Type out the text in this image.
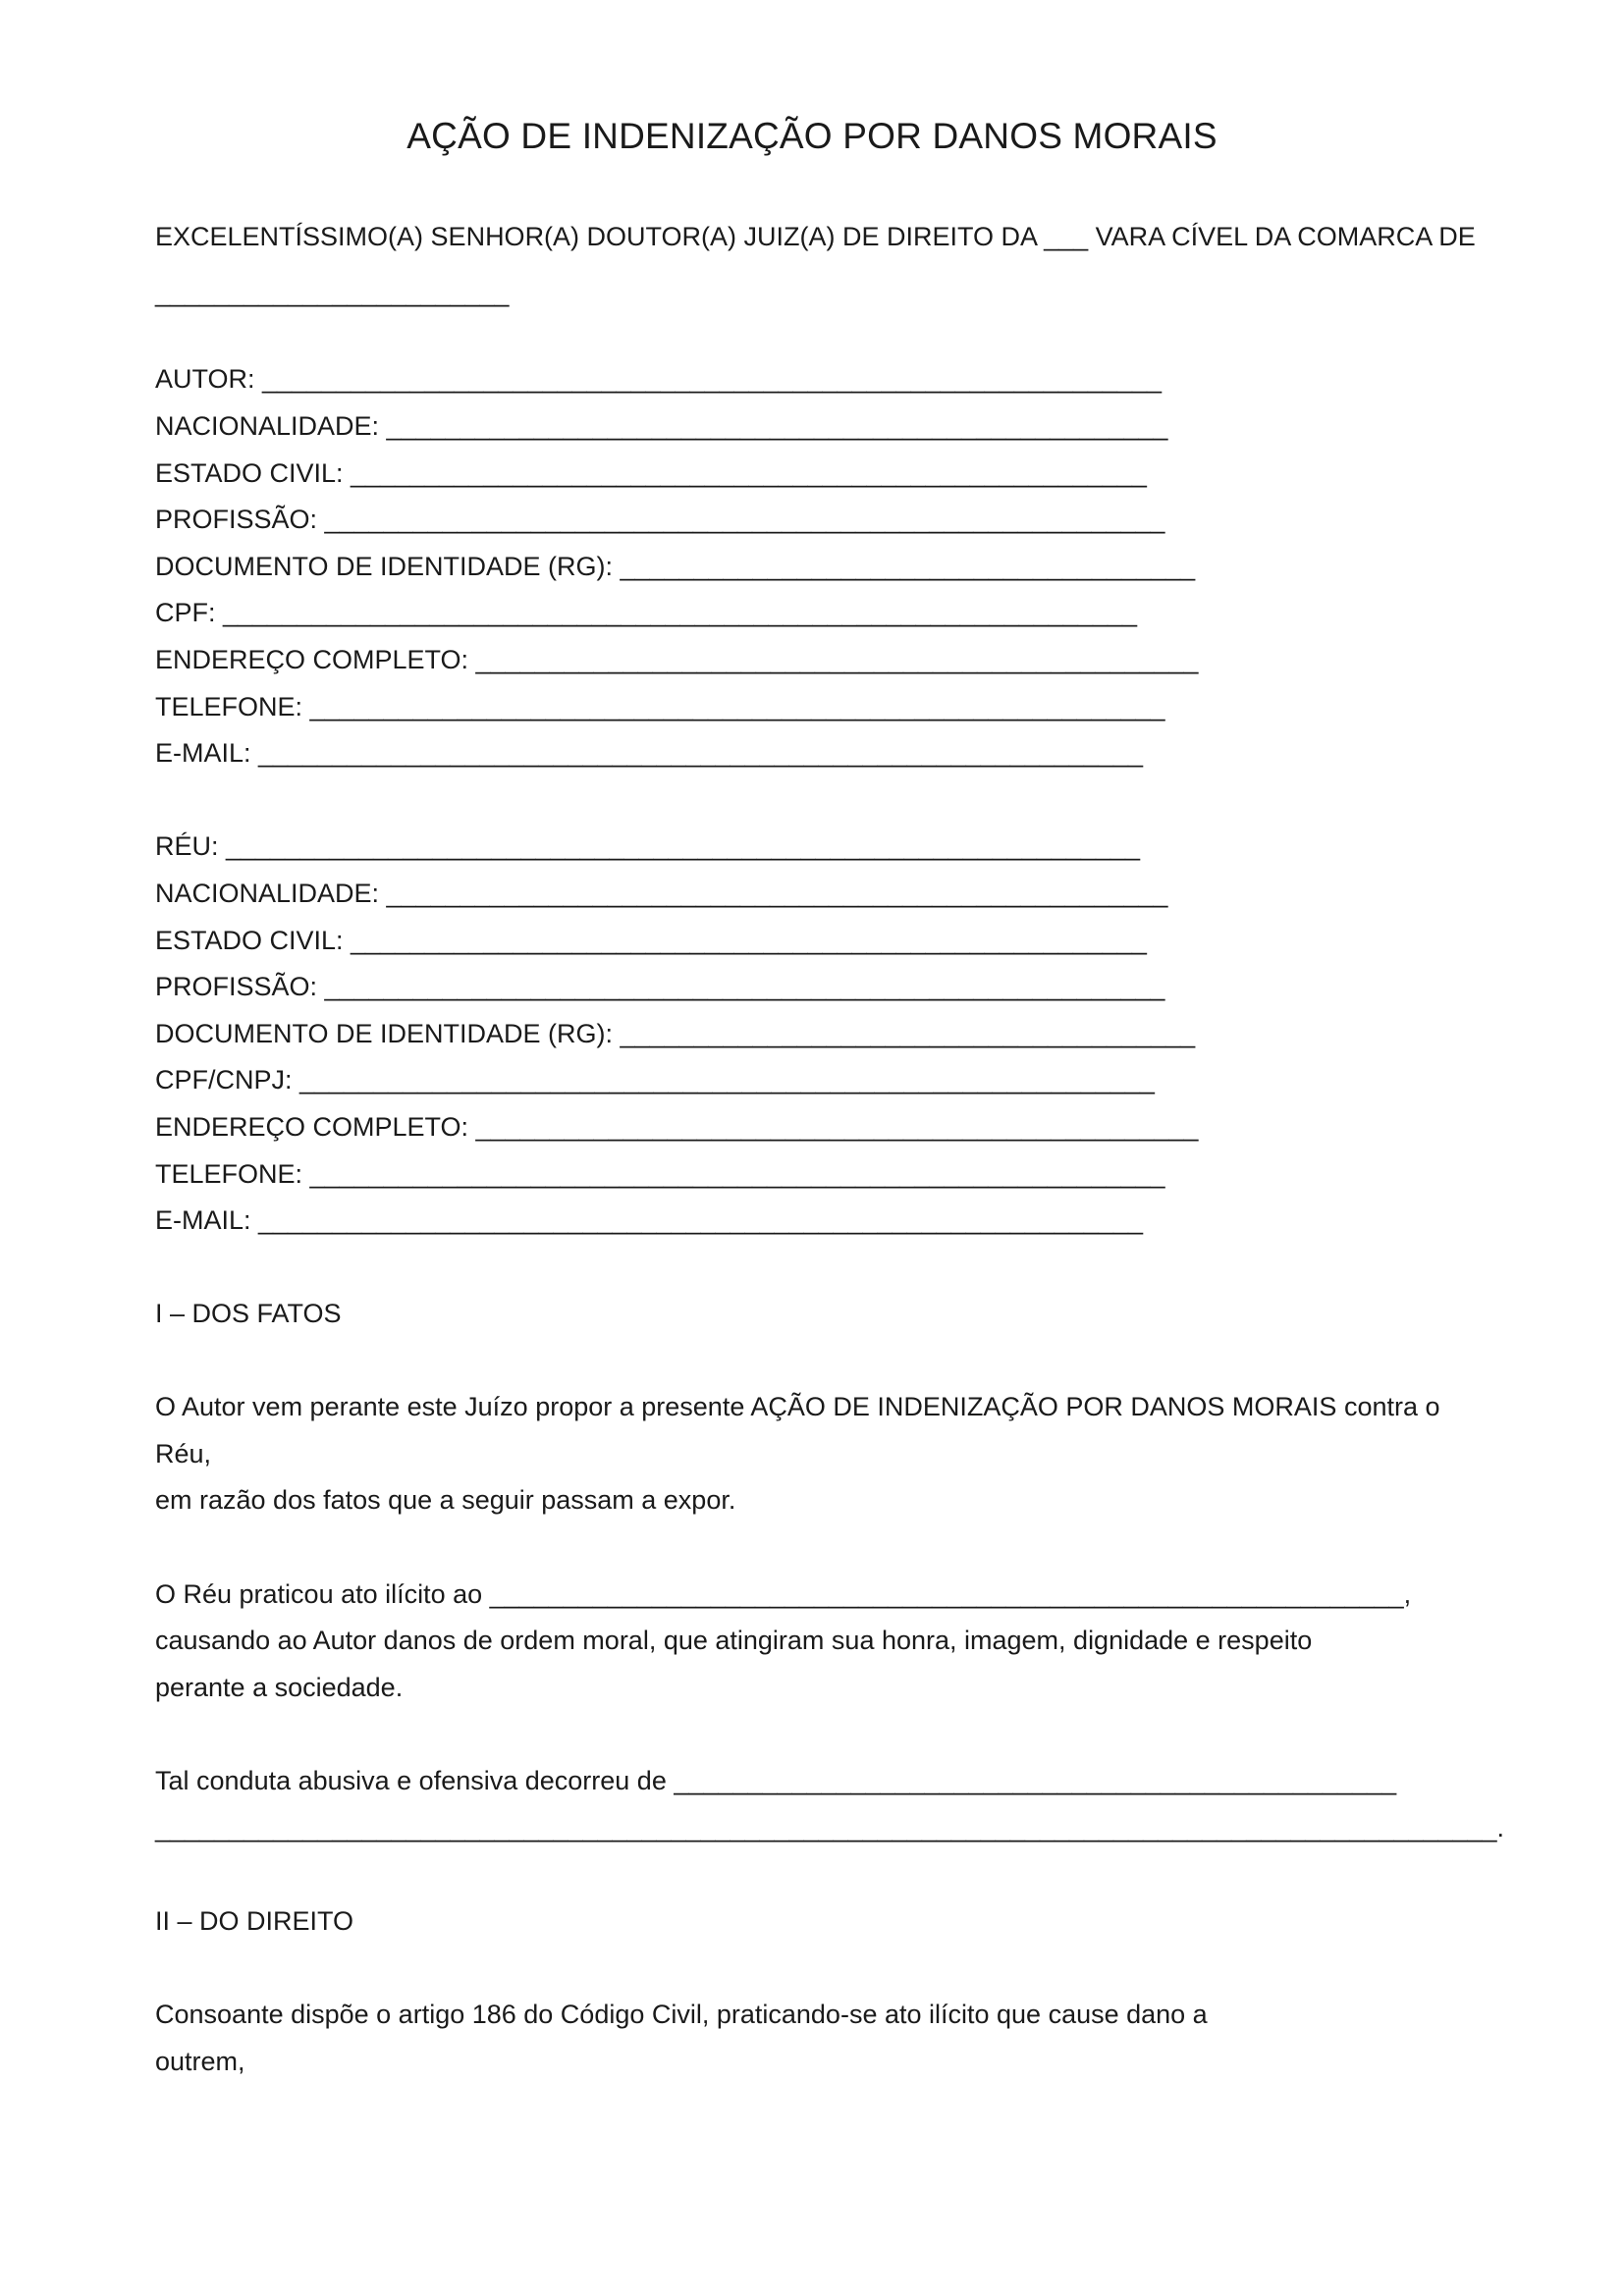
AÇÃO DE INDENIZAÇÃO POR DANOS MORAIS
EXCELENTÍSSIMO(A) SENHOR(A) DOUTOR(A) JUIZ(A) DE DIREITO DA ___ VARA CÍVEL DA COMARCA DE
________________________
AUTOR: _____________________________________________________________
NACIONALIDADE: _____________________________________________________
ESTADO CIVIL: ______________________________________________________
PROFISSÃO: _________________________________________________________
DOCUMENTO DE IDENTIDADE (RG): _______________________________________
CPF: ______________________________________________________________
ENDEREÇO COMPLETO: _________________________________________________
TELEFONE: __________________________________________________________
E-MAIL: ____________________________________________________________
RÉU: ______________________________________________________________
NACIONALIDADE: _____________________________________________________
ESTADO CIVIL: ______________________________________________________
PROFISSÃO: _________________________________________________________
DOCUMENTO DE IDENTIDADE (RG): _______________________________________
CPF/CNPJ: __________________________________________________________
ENDEREÇO COMPLETO: _________________________________________________
TELEFONE: __________________________________________________________
E-MAIL: ____________________________________________________________
I – DOS FATOS
O Autor vem perante este Juízo propor a presente AÇÃO DE INDENIZAÇÃO POR DANOS MORAIS contra o
Réu,
em razão dos fatos que a seguir passam a expor.
O Réu praticou ato ilícito ao ______________________________________________________________,
causando ao Autor danos de ordem moral, que atingiram sua honra, imagem, dignidade e respeito
perante a sociedade.
Tal conduta abusiva e ofensiva decorreu de _________________________________________________
___________________________________________________________________________________________.
II – DO DIREITO
Consoante dispõe o artigo 186 do Código Civil, praticando-se ato ilícito que cause dano a
outrem,
